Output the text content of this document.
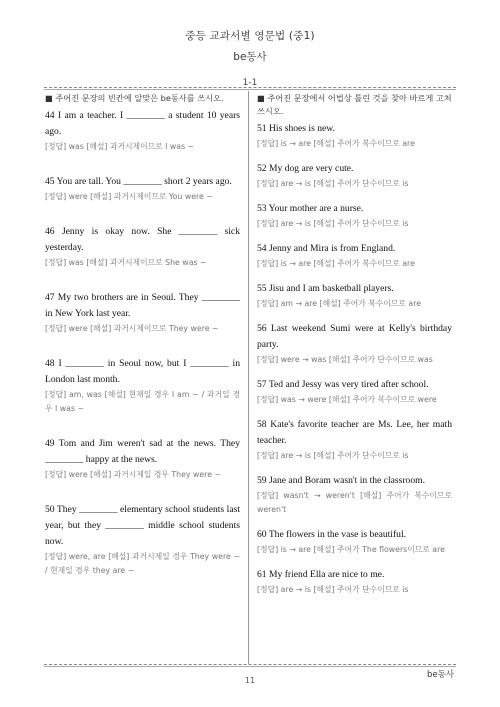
중등 교과서별 영문법 (중1)
be동사
1-1
■ 주어진 문장의 빈칸에 알맞은 be동사를 쓰시오.

44 I am a teacher. I ________ a student 10 years ago.

[정답] was [해설] 과거시제이므로 I was ~

45 You are tall. You ________ short 2 years ago.

[정답] were [해설] 과거시제이므로 You were ~

46 Jenny is okay now. She ________ sick yesterday.

[정답] was [해설] 과거시제이므로 She was ~

47 My two brothers are in Seoul. They ________ in New York last year.

[정답] were [해설] 과거시제이므로 They were ~

48 I ________ in Seoul now, but I ________ in London last month.

[정답] am, was [해설] 현재일 경우 I am ~ / 과거일 경우 I was ~

49 Tom and Jim weren't sad at the news. They ________ happy at the news.

[정답] were [해설] 과거시제일 경우 They were ~

50 They ________ elementary school students last year, but they ________ middle school students now.

[정답] were, are [해설] 과거시제일 경우 They were ~ / 현재일 경우 they are ~

■ 주어진 문장에서 어법상 틀린 것을 찾아 바르게 고쳐 쓰시오.

51 His shoes is new.

[정답] is → are [해설] 주어가 복수이므로 are

52 My dog are very cute.

[정답] are → is [해설] 주어가 단수이므로 is

53 Your mother are a nurse.

[정답] are → is [해설] 주어가 단수이므로 is

54 Jenny and Mira is from England.

[정답] is → are [해설] 주어가 복수이므로 are

55 Jisu and I am basketball players.

[정답] am → are [해설] 주어가 복수이므로 are

56 Last weekend Sumi were at Kelly's birthday party.

[정답] were → was [해설] 주어가 단수이므로 was

57 Ted and Jessy was very tired after school.

[정답] was → were [해설] 주어가 복수이므로 were

58 Kate's favorite teacher are Ms. Lee, her math teacher.

[정답] are → is [해설] 주어가 단수이므로 is

59 Jane and Boram wasn't in the classroom.

[정답] wasn't → weren't [해설] 주어가 복수이므로 weren't

60 The flowers in the vase is beautiful.

[정답] is → are [해설] 주어가 The flowers이므로 are

61 My friend Ella are nice to me.

[정답] are → is [해설] 주어가 단수이므로 is

be동사
11
